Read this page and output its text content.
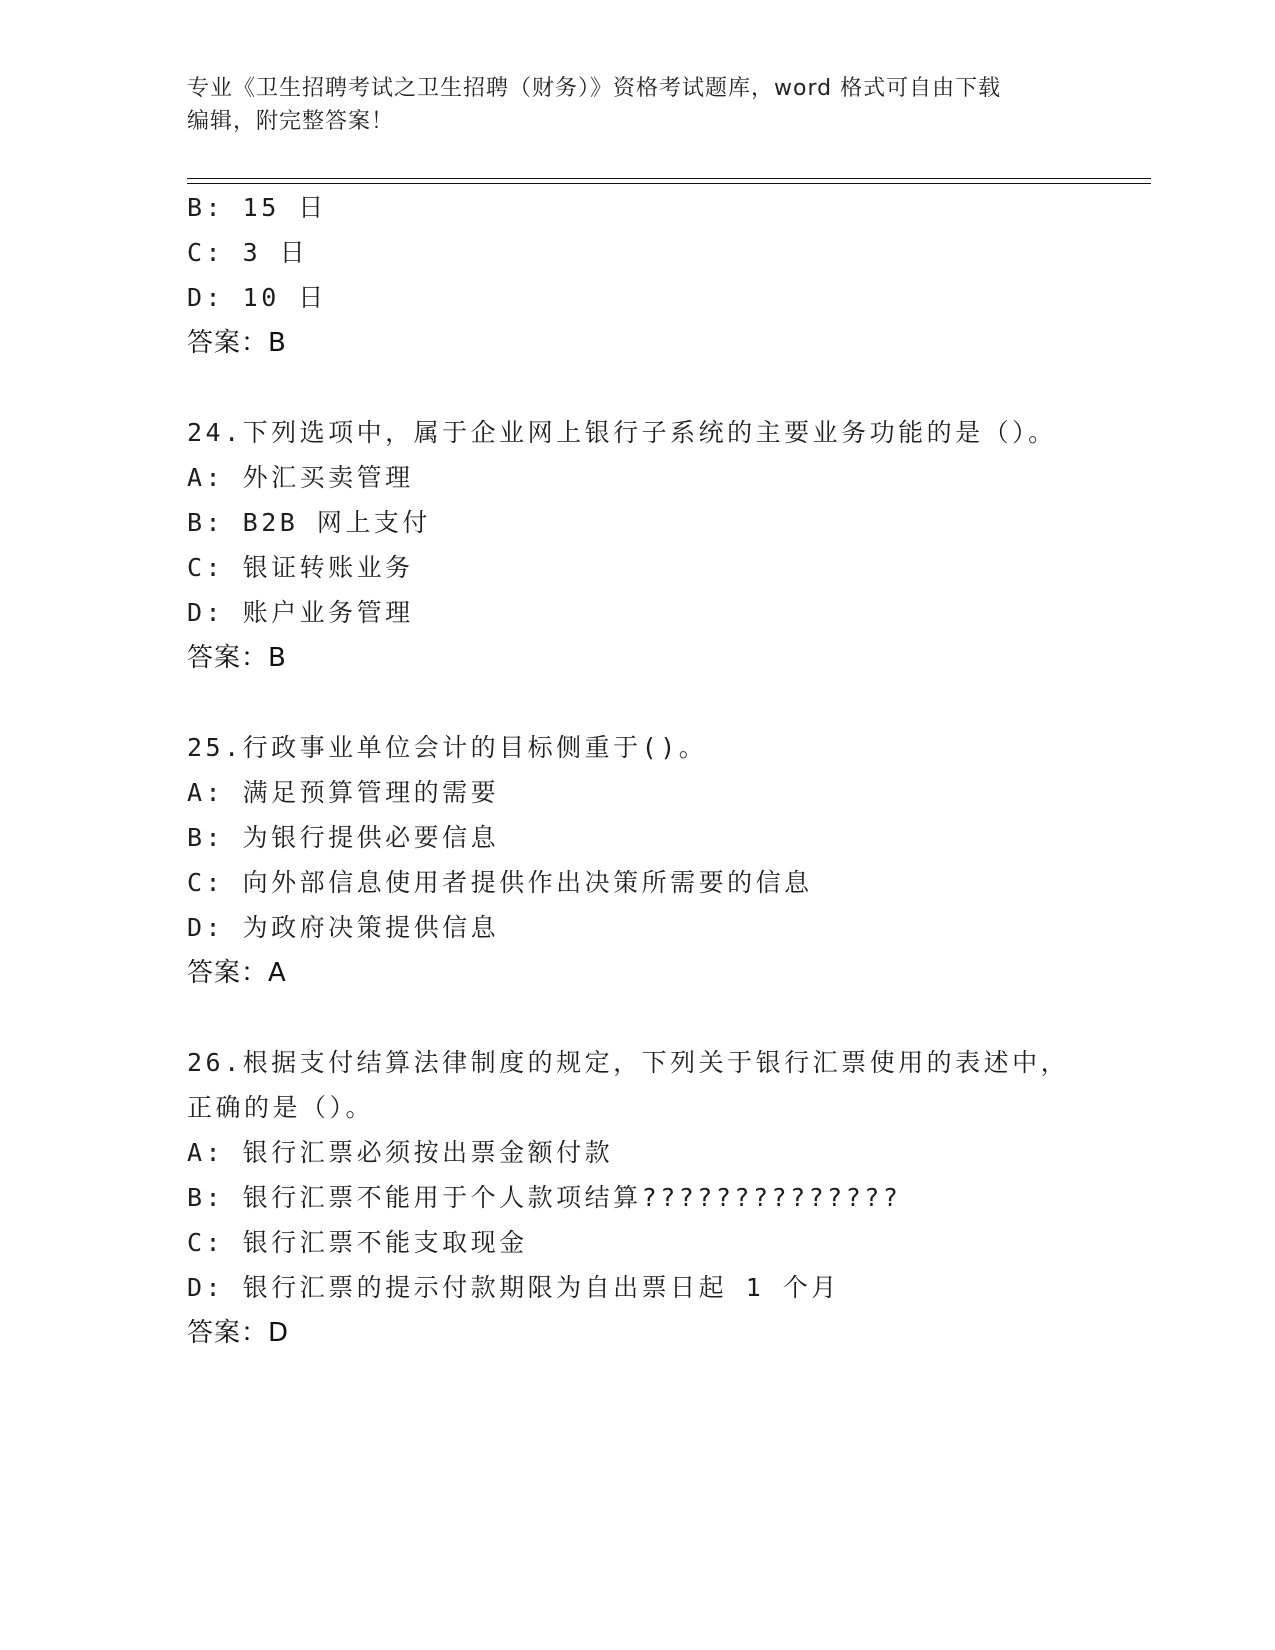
专业《卫生招聘考试之卫生招聘（财务）》资格考试题库，word 格式可自由下载
编辑，附完整答案！
B: 15 日
C: 3 日
D: 10 日
答案：B
24.下列选项中，属于企业网上银行子系统的主要业务功能的是（）。
A: 外汇买卖管理
B: B2B 网上支付
C: 银证转账业务
D: 账户业务管理
答案：B
25.行政事业单位会计的目标侧重于()。
A: 满足预算管理的需要
B: 为银行提供必要信息
C: 向外部信息使用者提供作出决策所需要的信息
D: 为政府决策提供信息
答案：A
26.根据支付结算法律制度的规定，下列关于银行汇票使用的表述中，
正确的是（）。
A: 银行汇票必须按出票金额付款
B: 银行汇票不能用于个人款项结算??????????????
C: 银行汇票不能支取现金
D: 银行汇票的提示付款期限为自出票日起 1 个月
答案：D
